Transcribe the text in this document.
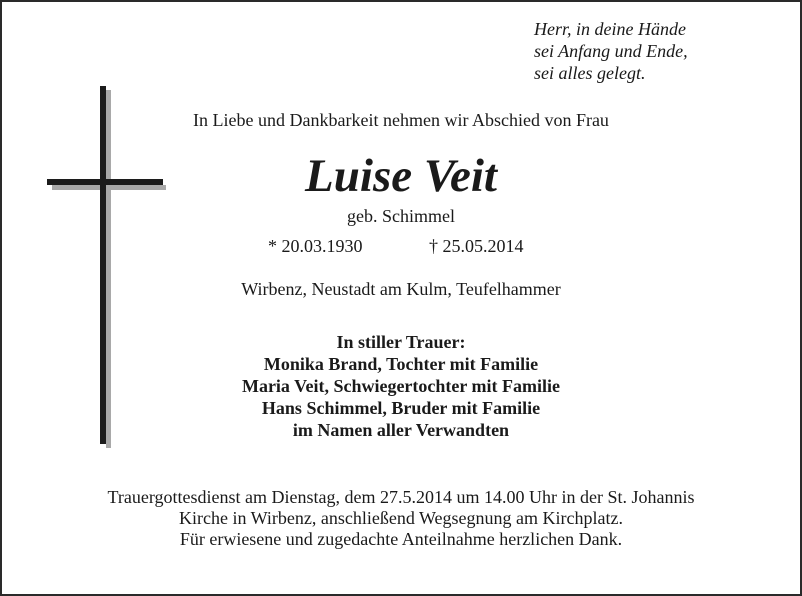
Herr, in deine Hände
sei Anfang und Ende,
sei alles gelegt.
In Liebe und Dankbarkeit nehmen wir Abschied von Frau
Luise Veit
geb. Schimmel
* 20.03.1930	† 25.05.2014
Wirbenz, Neustadt am Kulm, Teufelhammer
In stiller Trauer:
Monika Brand, Tochter mit Familie
Maria Veit, Schwiegertochter mit Familie
Hans Schimmel, Bruder mit Familie
im Namen aller Verwandten
Trauergottesdienst am Dienstag, dem 27.5.2014 um 14.00 Uhr in der St. Johannis
Kirche in Wirbenz, anschließend Wegsegnung am Kirchplatz.
Für erwiesene und zugedachte Anteilnahme herzlichen Dank.
